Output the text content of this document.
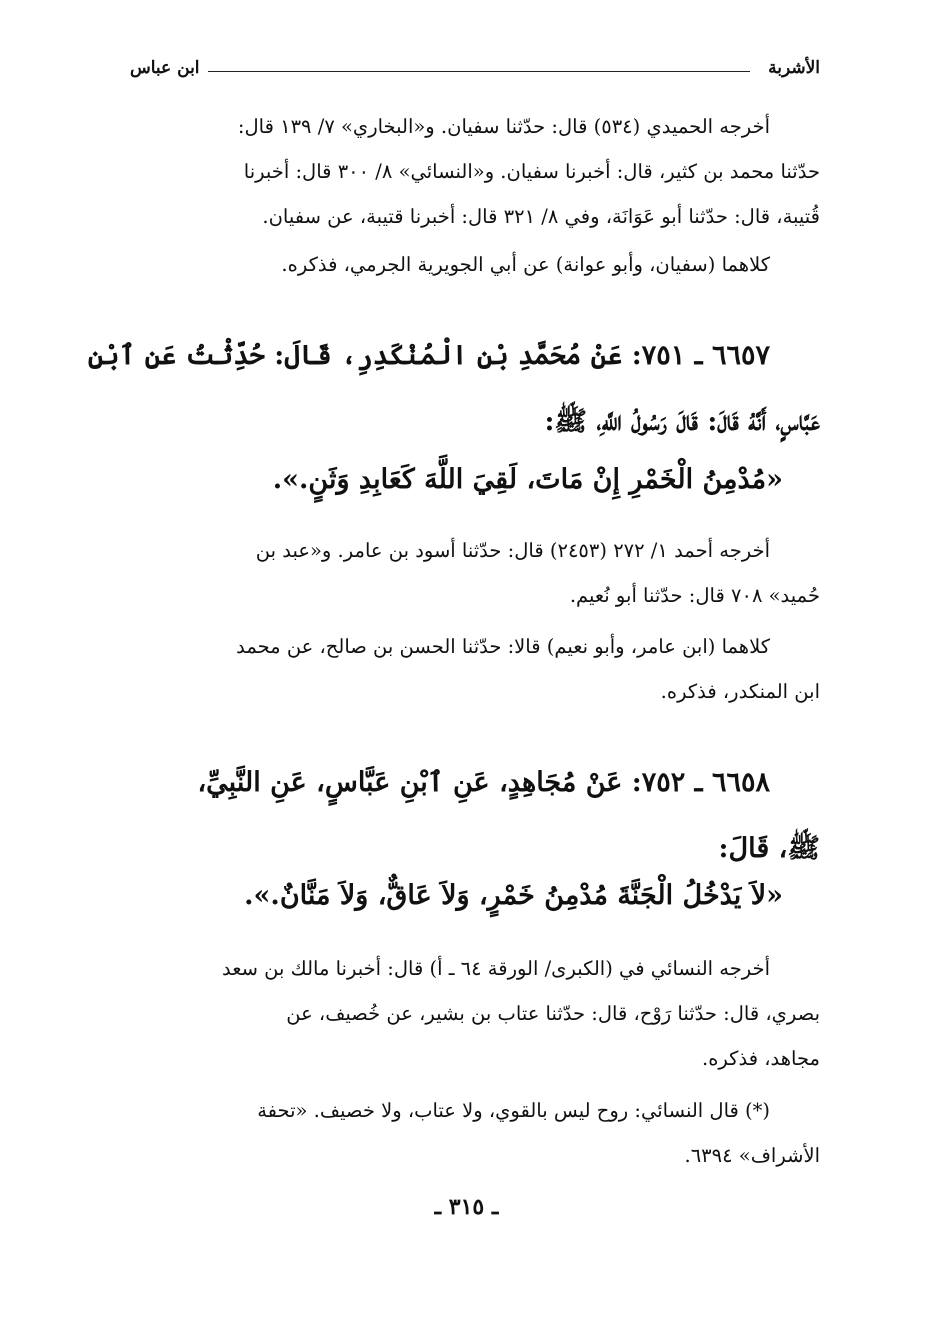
الأشربة
ابن عباس
أخرجه الحميدي (٥٣٤) قال: حدّثنا سفيان. و«البخاري» ٧/ ١٣٩ قال:
حدّثنا محمد بن كثير، قال: أخبرنا سفيان. و«النسائي» ٨/ ٣٠٠ قال: أخبرنا
قُتيبة، قال: حدّثنا أبو عَوَانَة، وفي ٨/ ٣٢١ قال: أخبرنا قتيبة، عن سفيان.
كلاهما (سفيان، وأبو عوانة) عن أبي الجويرية الجرمي، فذكره.
٦٦٥٧ ـ ٧٥١: عَنْ مُحَمَّدِ بْنِ الْمُنْكَدِرِ، قَالَ: حُدِّثْتُ عَنِ ٱبْنِ
عَبَّاسٍ، أَنَّهُ قَالَ: قَالَ رَسُولُ اللَّهِ، ﷺ:
«مُدْمِنُ الْخَمْرِ إِنْ مَاتَ، لَقِيَ اللَّهَ كَعَابِدِ وَثَنٍ.».
أخرجه أحمد ١/ ٢٧٢ (٢٤٥٣) قال: حدّثنا أسود بن عامر. و«عبد بن
حُميد» ٧٠٨ قال: حدّثنا أبو نُعيم.
كلاهما (ابن عامر، وأبو نعيم) قالا: حدّثنا الحسن بن صالح، عن محمد
ابن المنكدر، فذكره.
٦٦٥٨ ـ ٧٥٢: عَنْ مُجَاهِدٍ، عَنِ ٱبْنِ عَبَّاسٍ، عَنِ النَّبِيِّ،
ﷺ، قَالَ:
«لاَ يَدْخُلُ الْجَنَّةَ مُدْمِنُ خَمْرٍ، وَلاَ عَاقٌّ، وَلاَ مَنَّانٌ.».
أخرجه النسائي في (الكبرى/ الورقة ٦٤ ـ أ) قال: أخبرنا مالك بن سعد
بصري، قال: حدّثنا رَوْح، قال: حدّثنا عتاب بن بشير، عن خُصيف، عن
مجاهد، فذكره.
(*) قال النسائي: روح ليس بالقوي، ولا عتاب، ولا خصيف. «تحفة
الأشراف» ٦٣٩٤.
ـ ٣١٥ ـ
